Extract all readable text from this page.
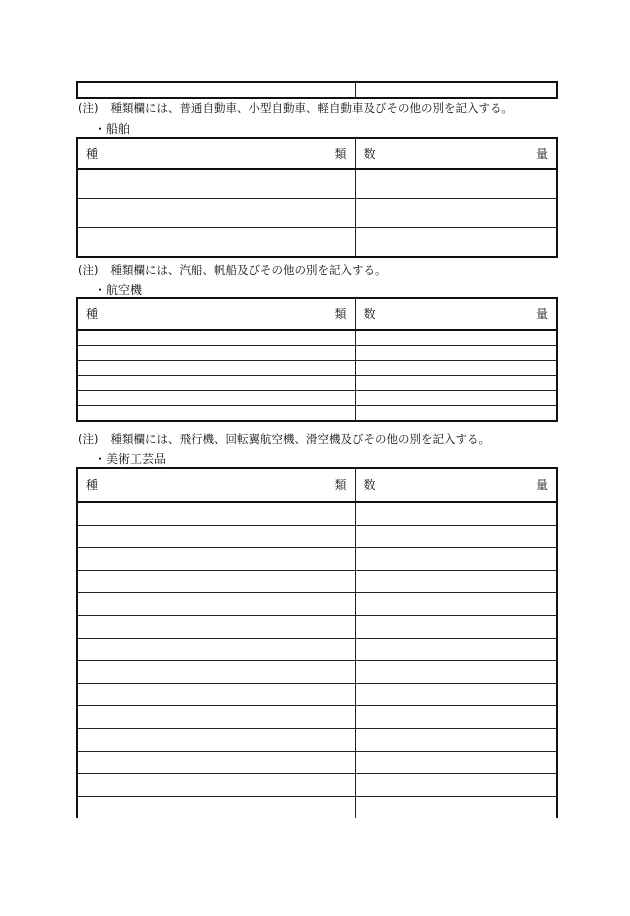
(注) 種類欄には、普通自動車、小型自動車、軽自動車及びその他の別を記入する。
・船舶
種 類	数 量

(注) 種類欄には、汽船、帆船及びその他の別を記入する。
・航空機
種 類	数 量

(注) 種類欄には、飛行機、回転翼航空機、滑空機及びその他の別を記入する。
・美術工芸品
種 類	数 量
